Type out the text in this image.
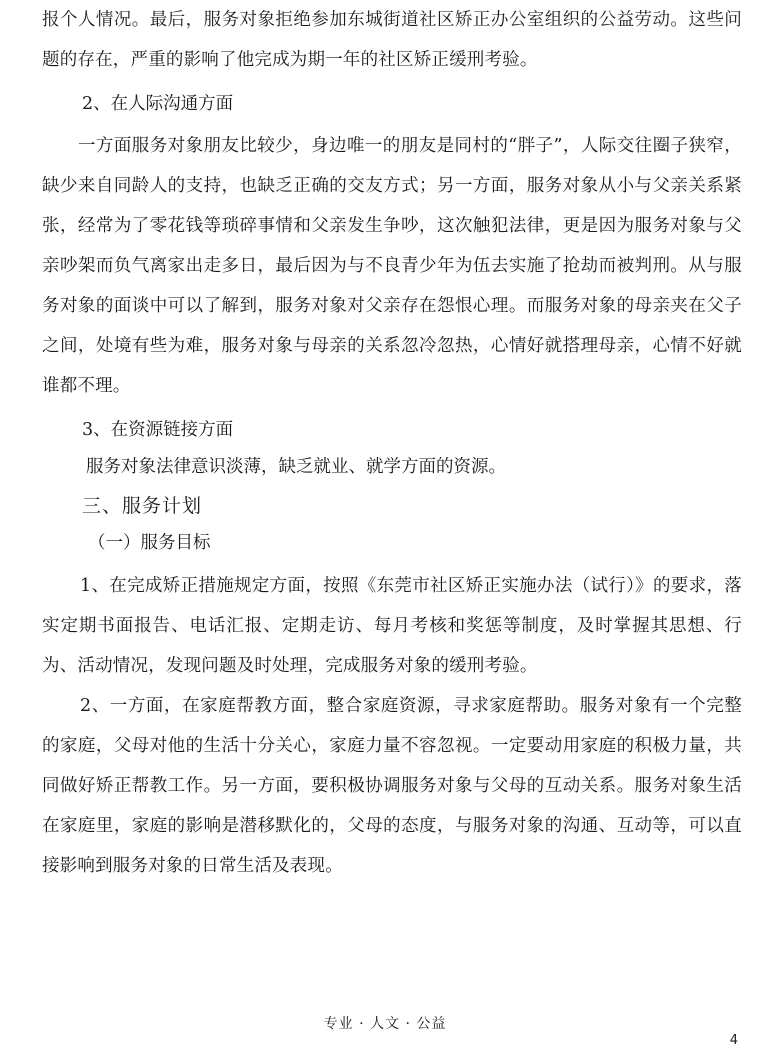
报个人情况。最后，服务对象拒绝参加东城街道社区矫正办公室组织的公益劳动。这些问题的存在，严重的影响了他完成为期一年的社区矫正缓刑考验。

2、在人际沟通方面

一方面服务对象朋友比较少，身边唯一的朋友是同村的“胖子”，人际交往圈子狭窄，缺少来自同龄人的支持，也缺乏正确的交友方式；另一方面，服务对象从小与父亲关系紧张，经常为了零花钱等琐碎事情和父亲发生争吵，这次触犯法律，更是因为服务对象与父亲吵架而负气离家出走多日，最后因为与不良青少年为伍去实施了抢劫而被判刑。从与服务对象的面谈中可以了解到，服务对象对父亲存在怨恨心理。而服务对象的母亲夹在父子之间，处境有些为难，服务对象与母亲的关系忽冷忽热，心情好就搭理母亲，心情不好就谁都不理。

3、在资源链接方面

服务对象法律意识淡薄，缺乏就业、就学方面的资源。

三、服务计划

（一）服务目标

1、在完成矫正措施规定方面，按照《东莞市社区矫正实施办法（试行）》的要求，落实定期书面报告、电话汇报、定期走访、每月考核和奖惩等制度，及时掌握其思想、行为、活动情况，发现问题及时处理，完成服务对象的缓刑考验。

2、一方面，在家庭帮教方面，整合家庭资源，寻求家庭帮助。服务对象有一个完整的家庭，父母对他的生活十分关心，家庭力量不容忽视。一定要动用家庭的积极力量，共同做好矫正帮教工作。另一方面，要积极协调服务对象与父母的互动关系。服务对象生活在家庭里，家庭的影响是潜移默化的，父母的态度，与服务对象的沟通、互动等，可以直接影响到服务对象的日常生活及表现。

专业 · 人文 · 公益
4
